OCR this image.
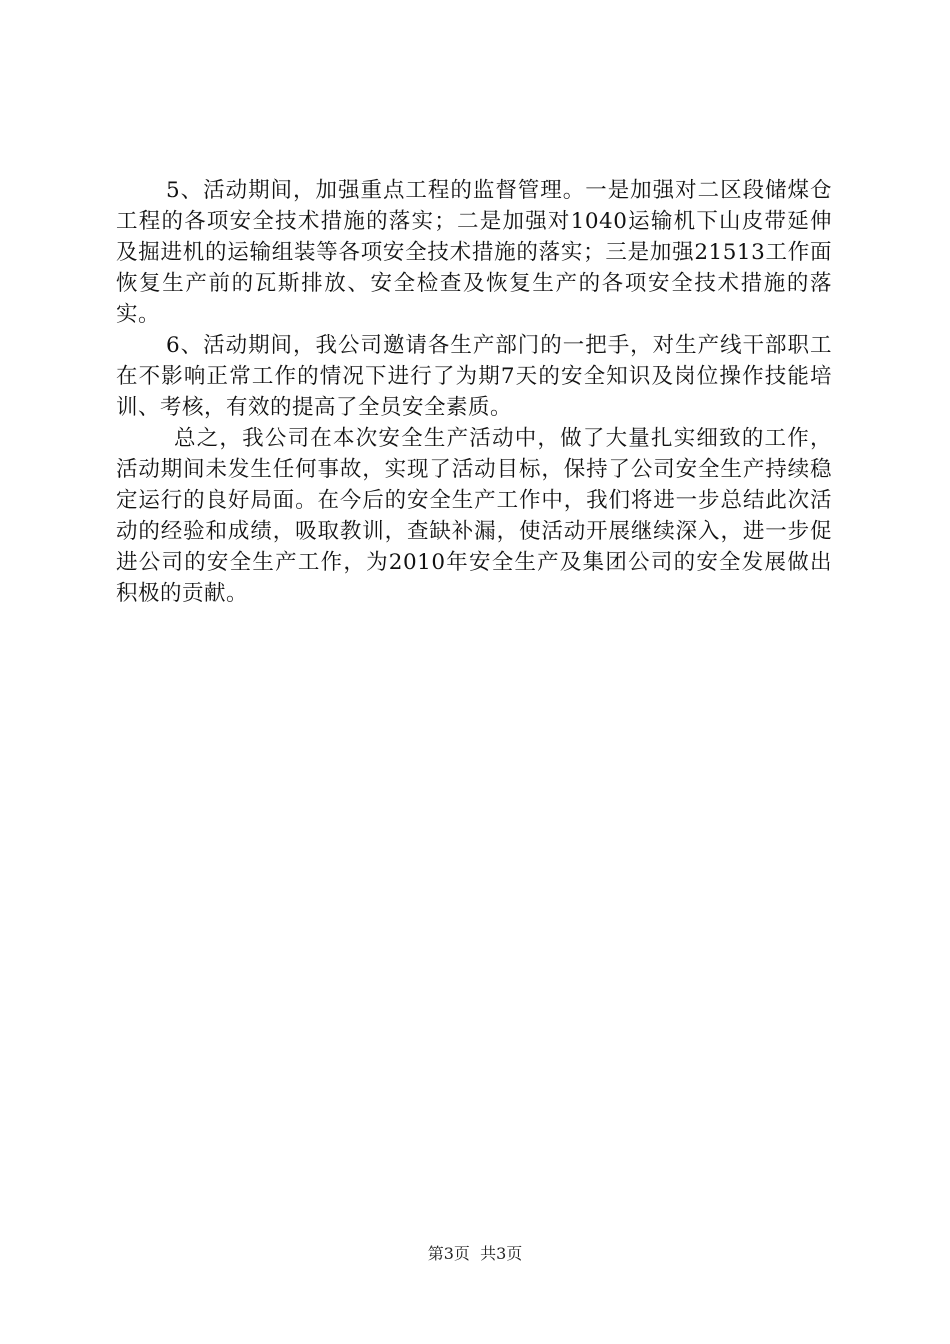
5、活动期间，加强重点工程的监督管理。一是加强对二区段储煤仓工程的各项安全技术措施的落实；二是加强对1040运输机下山皮带延伸及掘进机的运输组装等各项安全技术措施的落实；三是加强21513工作面恢复生产前的瓦斯排放、安全检查及恢复生产的各项安全技术措施的落实。

6、活动期间，我公司邀请各生产部门的一把手，对生产线干部职工在不影响正常工作的情况下进行了为期7天的安全知识及岗位操作技能培训、考核，有效的提高了全员安全素质。

总之，我公司在本次安全生产活动中，做了大量扎实细致的工作，活动期间未发生任何事故，实现了活动目标，保持了公司安全生产持续稳定运行的良好局面。在今后的安全生产工作中，我们将进一步总结此次活动的经验和成绩，吸取教训，查缺补漏，使活动开展继续深入，进一步促进公司的安全生产工作，为2010年安全生产及集团公司的安全发展做出积极的贡献。

第3页  共3页
